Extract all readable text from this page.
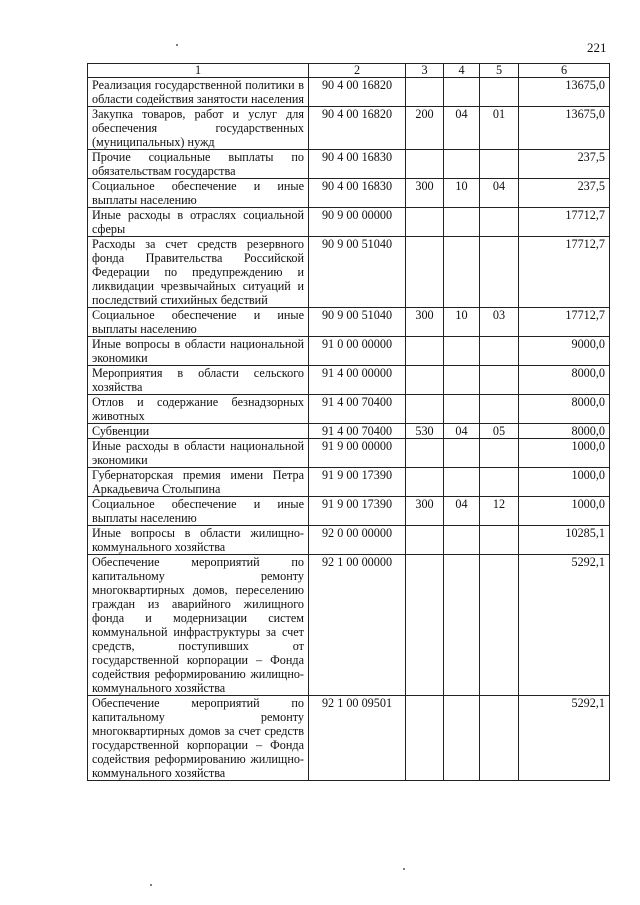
221
1	2	3	4	5	6
Реализация государственной политики в области содействия занятости населения	90 4 00 16820				13675,0
Закупка товаров, работ и услуг для обеспечения государственных (муниципальных) нужд	90 4 00 16820	200	04	01	13675,0
Прочие социальные выплаты по обязательствам государства	90 4 00 16830				237,5
Социальное обеспечение и иные выплаты населению	90 4 00 16830	300	10	04	237,5
Иные расходы в отраслях социальной сферы	90 9 00 00000				17712,7
Расходы за счет средств резервного фонда Правительства Российской Федерации по предупреждению и ликвидации чрезвычайных ситуаций и последствий стихийных бедствий	90 9 00 51040				17712,7
Социальное обеспечение и иные выплаты населению	90 9 00 51040	300	10	03	17712,7
Иные вопросы в области национальной экономики	91 0 00 00000				9000,0
Мероприятия в области сельского хозяйства	91 4 00 00000				8000,0
Отлов и содержание безнадзорных животных	91 4 00 70400				8000,0
Субвенции	91 4 00 70400	530	04	05	8000,0
Иные расходы в области национальной экономики	91 9 00 00000				1000,0
Губернаторская премия имени Петра Аркадьевича Столыпина	91 9 00 17390				1000,0
Социальное обеспечение и иные выплаты населению	91 9 00 17390	300	04	12	1000,0
Иные вопросы в области жилищно-коммунального хозяйства	92 0 00 00000				10285,1
Обеспечение мероприятий по капитальному ремонту многоквартирных домов, переселению граждан из аварийного жилищного фонда и модернизации систем коммунальной инфраструктуры за счет средств, поступивших от государственной корпорации – Фонда содействия реформированию жилищно-коммунального хозяйства	92 1 00 00000				5292,1
Обеспечение мероприятий по капитальному ремонту многоквартирных домов за счет средств государственной корпорации – Фонда содействия реформированию жилищно-коммунального хозяйства	92 1 00 09501				5292,1
